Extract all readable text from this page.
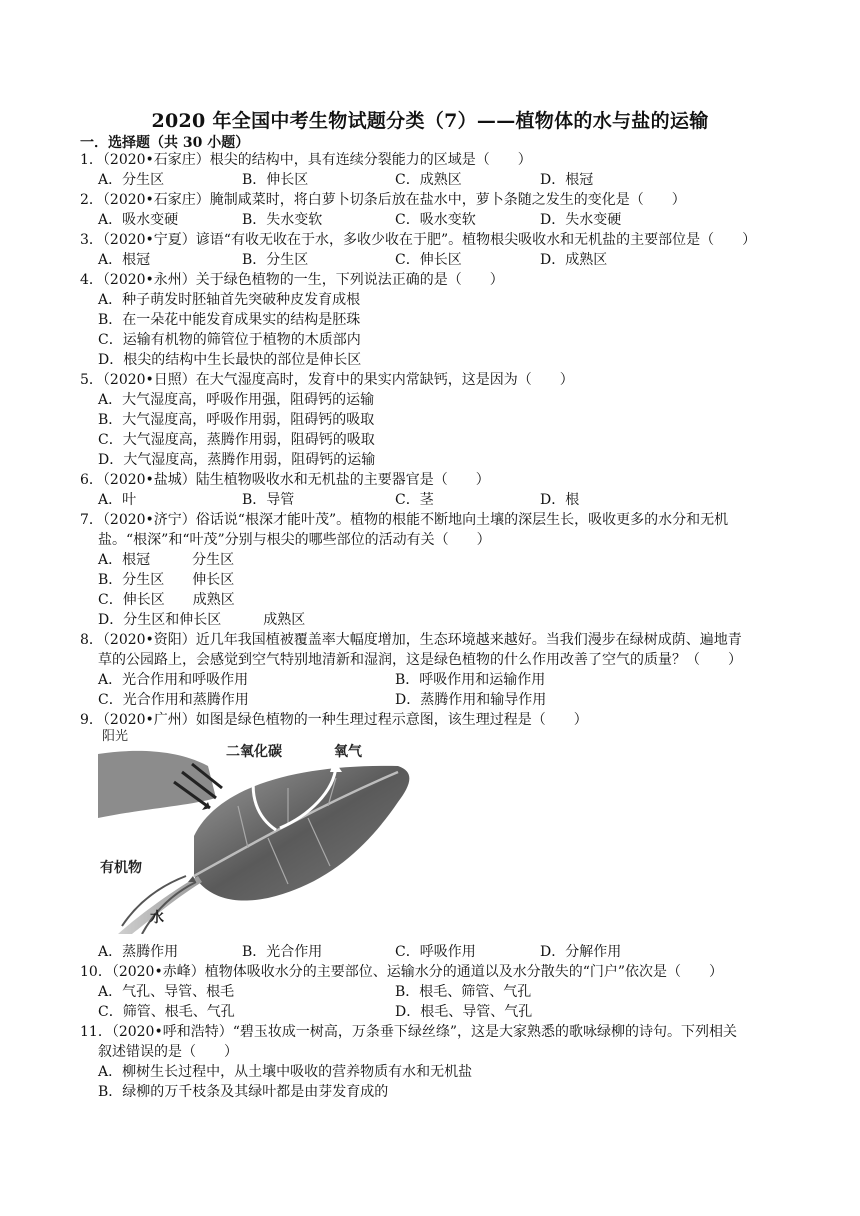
2020 年全国中考生物试题分类（7）——植物体的水与盐的运输
一．选择题（共 30 小题）
1．（2020•石家庄）根尖的结构中，具有连续分裂能力的区域是（　　）
A．分生区	B．伸长区	C．成熟区	D．根冠
2．（2020•石家庄）腌制咸菜时，将白萝卜切条后放在盐水中，萝卜条随之发生的变化是（　　）
A．吸水变硬	B．失水变软	C．吸水变软	D．失水变硬
3．（2020•宁夏）谚语“有收无收在于水，多收少收在于肥”。植物根尖吸收水和无机盐的主要部位是（　　）
A．根冠	B．分生区	C．伸长区	D．成熟区
4．（2020•永州）关于绿色植物的一生，下列说法正确的是（　　）
A．种子萌发时胚轴首先突破种皮发育成根
B．在一朵花中能发育成果实的结构是胚珠
C．运输有机物的筛管位于植物的木质部内
D．根尖的结构中生长最快的部位是伸长区
5．（2020•日照）在大气湿度高时，发育中的果实内常缺钙，这是因为（　　）
A．大气湿度高，呼吸作用强，阻碍钙的运输
B．大气湿度高，呼吸作用弱，阻碍钙的吸取
C．大气湿度高，蒸腾作用弱，阻碍钙的吸取
D．大气湿度高，蒸腾作用弱，阻碍钙的运输
6．（2020•盐城）陆生植物吸收水和无机盐的主要器官是（　　）
A．叶	B．导管	C．茎	D．根
7．（2020•济宁）俗话说“根深才能叶茂”。植物的根能不断地向土壤的深层生长，吸收更多的水分和无机
盐。“根深”和“叶茂”分别与根尖的哪些部位的活动有关（　　）
A．根冠　　　分生区
B．分生区　　伸长区
C．伸长区　　成熟区
D．分生区和伸长区　　　成熟区
8．（2020•资阳）近几年我国植被覆盖率大幅度增加，生态环境越来越好。当我们漫步在绿树成荫、遍地青
草的公园路上，会感觉到空气特别地清新和湿润，这是绿色植物的什么作用改善了空气的质量？（　　）
A．光合作用和呼吸作用	B．呼吸作用和运输作用
C．光合作用和蒸腾作用	D．蒸腾作用和输导作用
9．（2020•广州）如图是绿色植物的一种生理过程示意图，该生理过程是（　　）
阳光
二氧化碳	氧气
有机物
水
A．蒸腾作用	B．光合作用	C．呼吸作用	D．分解作用
10．（2020•赤峰）植物体吸收水分的主要部位、运输水分的通道以及水分散失的“门户”依次是（　　）
A．气孔、导管、根毛	B．根毛、筛管、气孔
C．筛管、根毛、气孔	D．根毛、导管、气孔
11．（2020•呼和浩特）“碧玉妆成一树高，万条垂下绿丝绦”，这是大家熟悉的歌咏绿柳的诗句。下列相关
叙述错误的是（　　）
A．柳树生长过程中，从土壤中吸收的营养物质有水和无机盐
B．绿柳的万千枝条及其绿叶都是由芽发育成的
